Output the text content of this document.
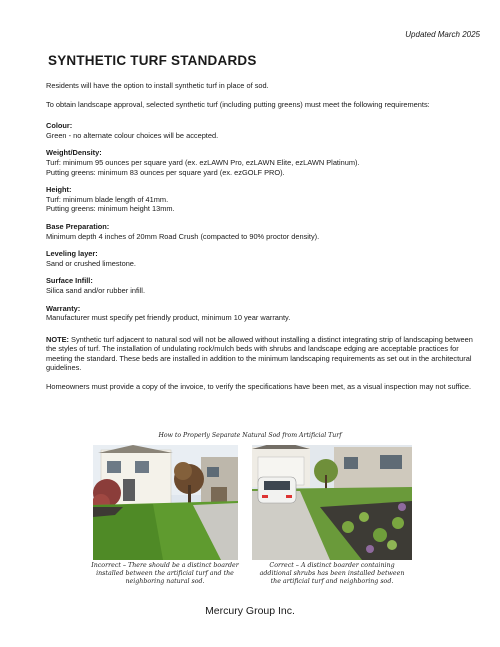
Updated March 2025
SYNTHETIC TURF STANDARDS

Residents will have the option to install synthetic turf in place of sod.

To obtain landscape approval, selected synthetic turf (including putting greens) must meet the following requirements:

Colour:
Green - no alternate colour choices will be accepted.
Weight/Density:
Turf: minimum 95 ounces per square yard (ex. ezLAWN Pro, ezLAWN Elite, ezLAWN Platinum).
Putting greens: minimum 83 ounces per square yard (ex. ezGOLF PRO).
Height:
Turf: minimum blade length of 41mm.
Putting greens: minimum height 13mm.
Base Preparation:
Minimum depth 4 inches of 20mm Road Crush (compacted to 90% proctor density).
Leveling layer:
Sand or crushed limestone.
Surface Infill:
Silica sand and/or rubber infill.
Warranty:
Manufacturer must specify pet friendly product, minimum 10 year warranty.

NOTE: Synthetic turf adjacent to natural sod will not be allowed without installing a distinct integrating strip of landscaping between the styles of turf. The installation of undulating rock/mulch beds with shrubs and landscape edging are acceptable practices for meeting the standard. These beds are installed in addition to the minimum landscaping requirements as set out in the architectural guidelines.

Homeowners must provide a copy of the invoice, to verify the specifications have been met, as a visual inspection may not suffice.

How to Properly Separate Natural Sod from Artificial Turf
Incorrect – There should be a distinct boarder installed between the artificial turf and the neighboring natural sod.
Correct – A distinct boarder containing additional shrubs has been installed between the artificial turf and neighboring sod.
Mercury Group Inc.
